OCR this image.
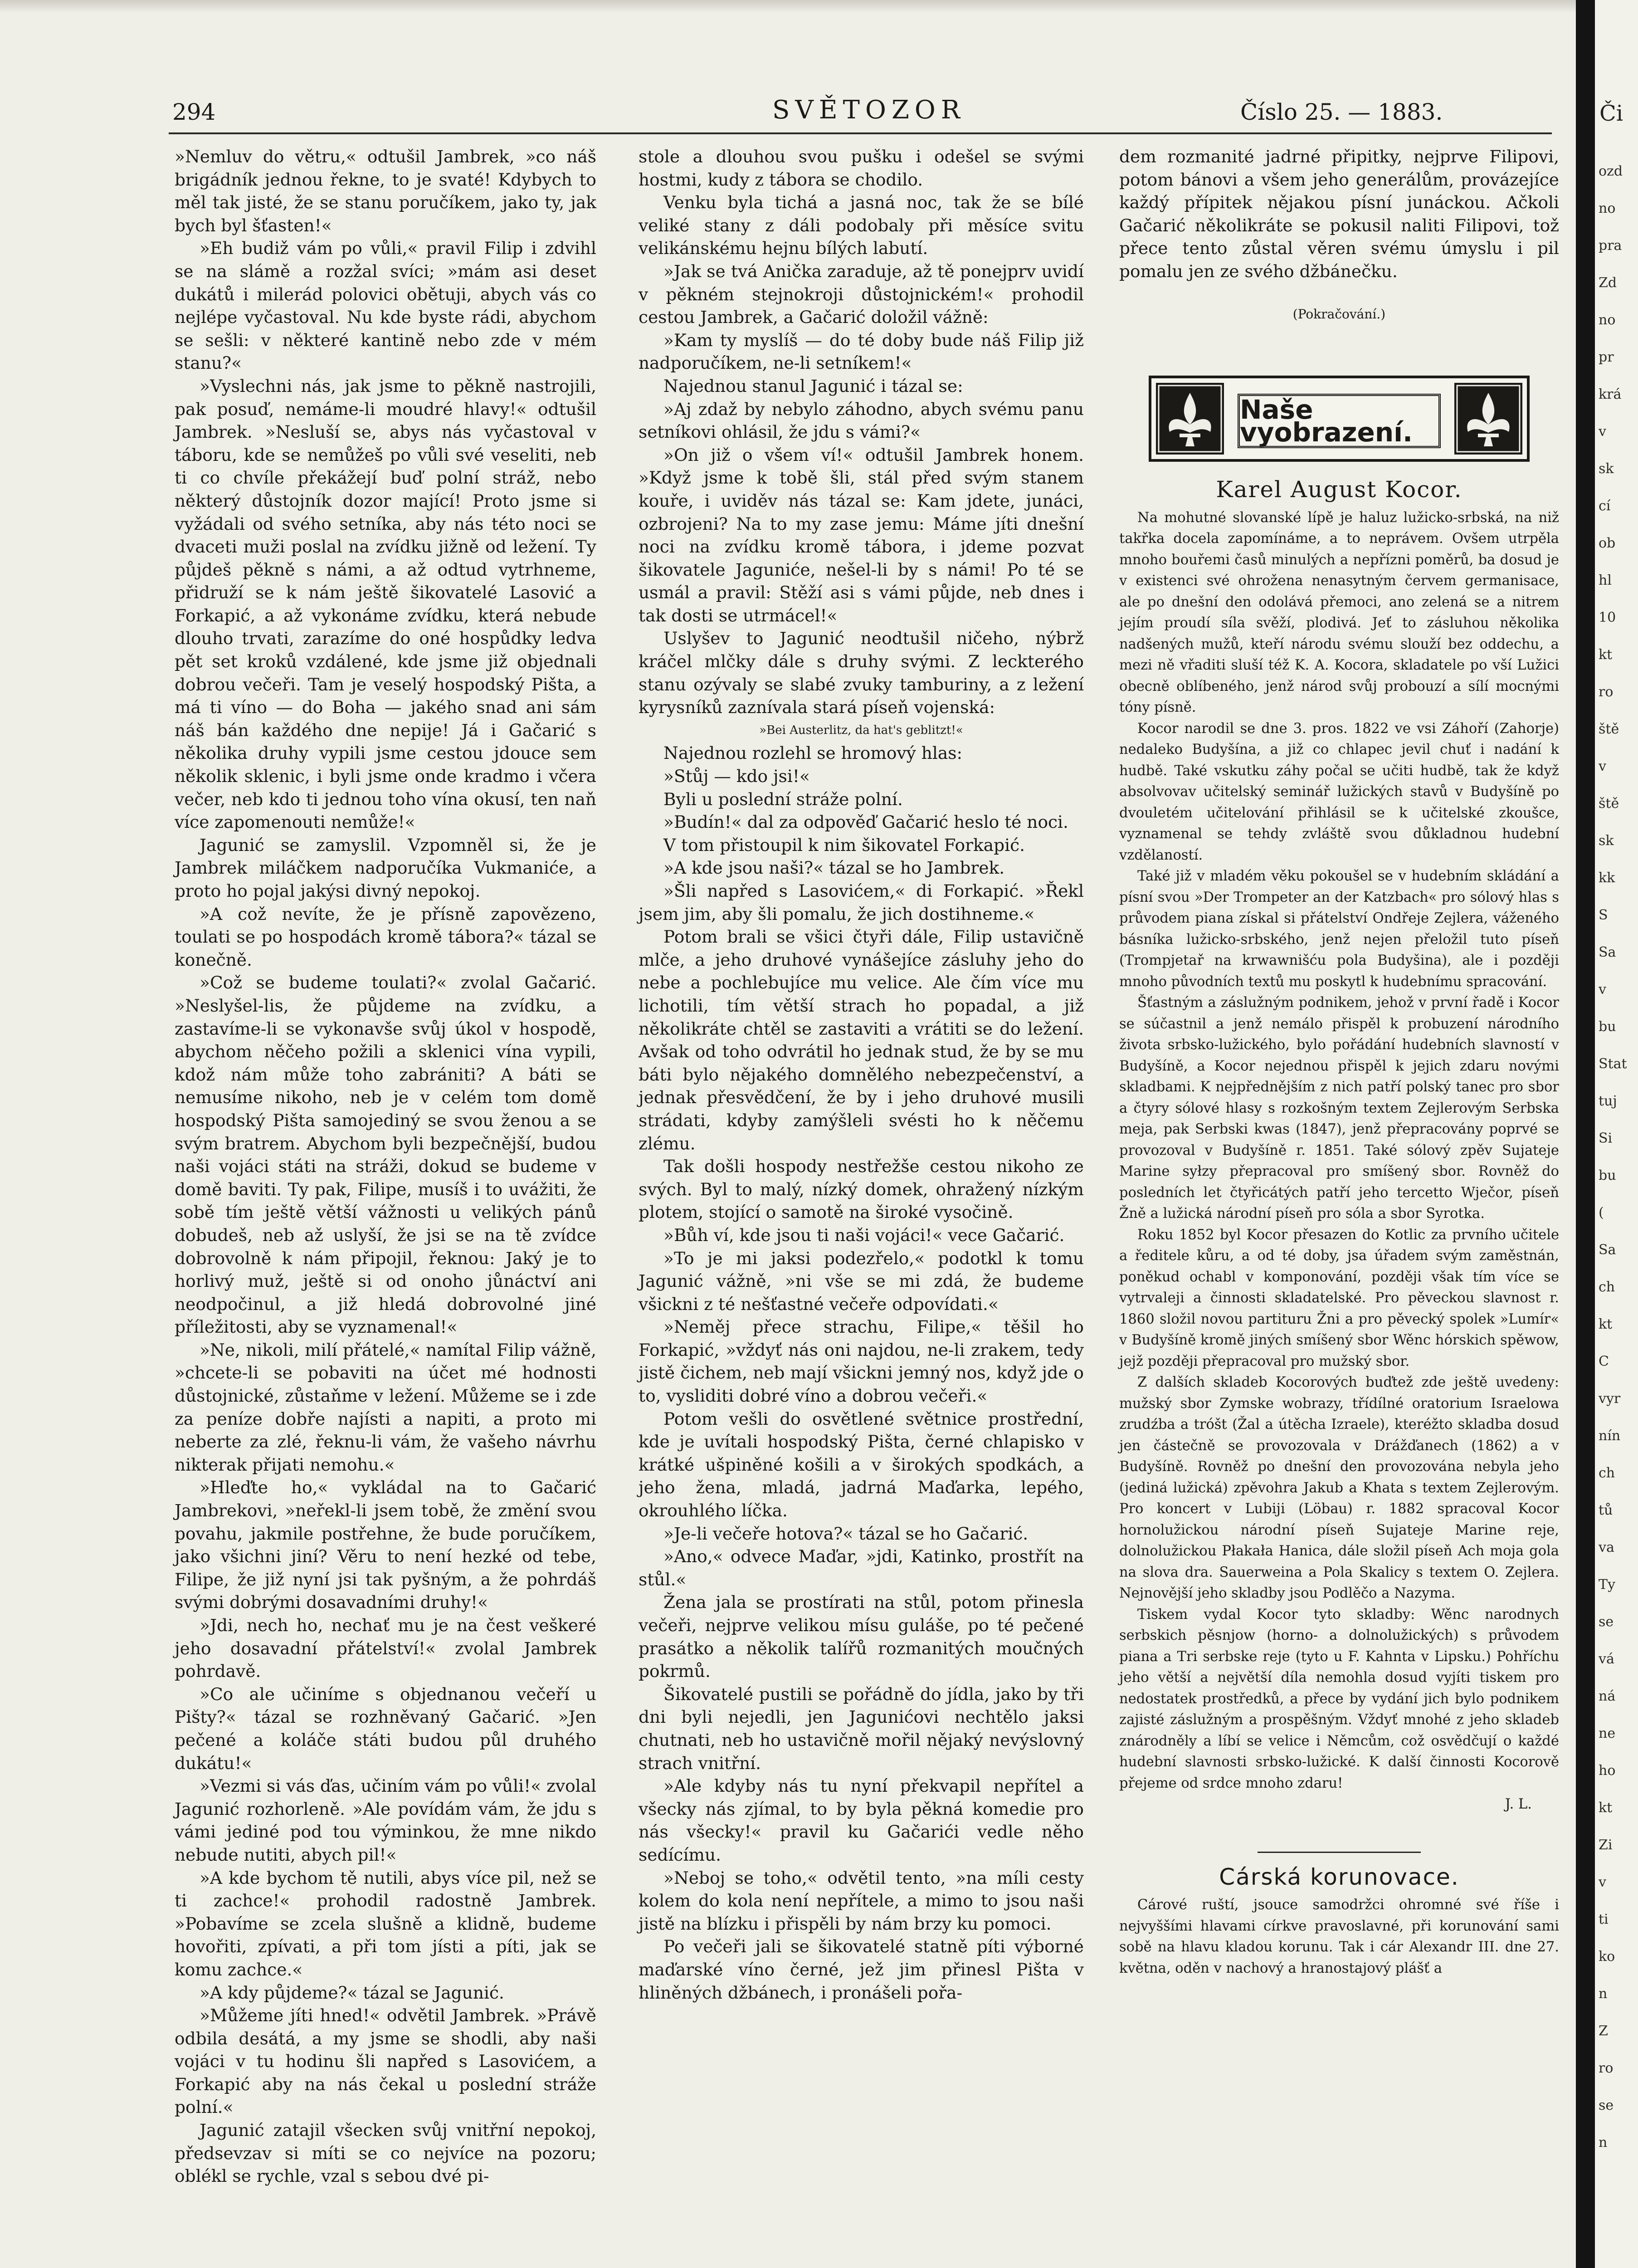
294	SVĚTOZOR	Číslo 25. — 1883.

»Nemluv do větru,« odtušil Jambrek, »co náš brigádník jednou řekne, to je svaté! Kdybych to měl tak jisté, že se stanu poručíkem, jako ty, jak bych byl šťasten!«

»Eh budiž vám po vůli,« pravil Filip i zdvihl se na slámě a rozžal svíci; »mám asi deset dukátů i milerád polovici obětuji, abych vás co nejlépe vyčastoval. Nu kde byste rádi, abychom se sešli: v některé kantině nebo zde v mém stanu?«

»Vyslechni nás, jak jsme to pěkně nastrojili, pak posuď, nemáme-li moudré hlavy!« odtušil Jambrek. »Nesluší se, abys nás vyčastoval v táboru, kde se nemůžeš po vůli své veseliti, neb ti co chvíle překážejí buď polní stráž, nebo některý důstojník dozor mající! Proto jsme si vyžádali od svého setníka, aby nás této noci se dvaceti muži poslal na zvídku jižně od ležení. Ty půjdeš pěkně s námi, a až odtud vytrhneme, přidruží se k nám ještě šikovatelé Lasović a Forkapić, a až vykonáme zvídku, která nebude dlouho trvati, zarazíme do oné hospůdky ledva pět set kroků vzdálené, kde jsme již objednali dobrou večeři. Tam je veselý hospodský Pišta, a má ti víno — do Boha — jakého snad ani sám náš bán každého dne nepije! Já i Gačarić s několika druhy vypili jsme cestou jdouce sem několik sklenic, i byli jsme onde kradmo i včera večer, neb kdo ti jednou toho vína okusí, ten naň více zapomenouti nemůže!«

Jagunić se zamyslil. Vzpomněl si, že je Jambrek miláčkem nadporučíka Vukmaniće, a proto ho pojal jakýsi divný nepokoj.

»A což nevíte, že je přísně zapovězeno, toulati se po hospodách kromě tábora?« tázal se konečně.

»Což se budeme toulati?« zvolal Gačarić. »Neslyšel-lis, že půjdeme na zvídku, a zastavíme-li se vykonavše svůj úkol v hospodě, abychom něčeho požili a sklenici vína vypili, kdož nám může toho zabrániti? A báti se nemusíme nikoho, neb je v celém tom domě hospodský Pišta samojediný se svou ženou a se svým bratrem. Abychom byli bezpečnější, budou naši vojáci státi na stráži, dokud se budeme v domě baviti. Ty pak, Filipe, musíš i to uvážiti, že sobě tím ještě větší vážnosti u velikých pánů dobudeš, neb až uslyší, že jsi se na tě zvídce dobrovolně k nám připojil, řeknou: Jaký je to horlivý muž, ještě si od onoho jůnáctví ani neodpočinul, a již hledá dobrovolné jiné příležitosti, aby se vyznamenal!«

»Ne, nikoli, milí přátelé,« namítal Filip vážně, »chcete-li se pobaviti na účet mé hodnosti důstojnické, zůstaňme v ležení. Můžeme se i zde za peníze dobře najísti a napiti, a proto mi neberte za zlé, řeknu-li vám, že vašeho návrhu nikterak přijati nemohu.«

»Hleďte ho,« vykládal na to Gačarić Jambrekovi, »neřekl-li jsem tobě, že změní svou povahu, jakmile postřehne, že bude poručíkem, jako všichni jiní? Věru to není hezké od tebe, Filipe, že již nyní jsi tak pyšným, a že pohrdáš svými dobrými dosavadními druhy!«

»Jdi, nech ho, nechať mu je na čest veškeré jeho dosavadní přátelství!« zvolal Jambrek pohrdavě.

»Co ale učiníme s objednanou večeří u Pišty?« tázal se rozhněvaný Gačarić. »Jen pečené a koláče státi budou půl druhého dukátu!«

»Vezmi si vás ďas, učiním vám po vůli!« zvolal Jagunić rozhorleně. »Ale povídám vám, že jdu s vámi jediné pod tou výminkou, že mne nikdo nebude nutiti, abych pil!«

»A kde bychom tě nutili, abys více pil, než se ti zachce!« prohodil radostně Jambrek. »Pobavíme se zcela slušně a klidně, budeme hovořiti, zpívati, a při tom jísti a píti, jak se komu zachce.«

»A kdy půjdeme?« tázal se Jagunić.

»Můžeme jíti hned!« odvětil Jambrek. »Právě odbila desátá, a my jsme se shodli, aby naši vojáci v tu hodinu šli napřed s Lasovićem, a Forkapić aby na nás čekal u poslední stráže polní.«

Jagunić zatajil všecken svůj vnitřní nepokoj, předsevzav si míti se co nejvíce na pozoru; oblékl se rychle, vzal s sebou dvé pi-

stole a dlouhou svou pušku i odešel se svými hostmi, kudy z tábora se chodilo.

Venku byla tichá a jasná noc, tak že se bílé veliké stany z dáli podobaly při měsíce svitu velikánskému hejnu bílých labutí.

»Jak se tvá Anička zaraduje, až tě ponejprv uvidí v pěkném stejnokroji důstojnickém!« prohodil cestou Jambrek, a Gačarić doložil vážně:

»Kam ty myslíš — do té doby bude náš Filip již nadporučíkem, ne-li setníkem!«

Najednou stanul Jagunić i tázal se:

»Aj zdaž by nebylo záhodno, abych svému panu setníkovi ohlásil, že jdu s vámi?«

»On již o všem ví!« odtušil Jambrek honem. »Když jsme k tobě šli, stál před svým stanem kouře, i uviděv nás tázal se: Kam jdete, junáci, ozbrojeni? Na to my zase jemu: Máme jíti dnešní noci na zvídku kromě tábora, i jdeme pozvat šikovatele Jaguniće, nešel-li by s námi! Po té se usmál a pravil: Stěží asi s vámi půjde, neb dnes i tak dosti se utrmácel!«

Uslyšev to Jagunić neodtušil ničeho, nýbrž kráčel mlčky dále s druhy svými. Z leckterého stanu ozývaly se slabé zvuky tamburiny, a z ležení kyrysníků zaznívala stará píseň vojenská:

»Bei Austerlitz, da hat's geblitzt!«

Najednou rozlehl se hromový hlas:

»Stůj — kdo jsi!«

Byli u poslední stráže polní.

»Budín!« dal za odpověď Gačarić heslo té noci.

V tom přistoupil k nim šikovatel Forkapić.

»A kde jsou naši?« tázal se ho Jambrek.

»Šli napřed s Lasovićem,« di Forkapić. »Řekl jsem jim, aby šli pomalu, že jich dostihneme.«

Potom brali se všici čtyři dále, Filip ustavičně mlče, a jeho druhové vynášejíce zásluhy jeho do nebe a pochlebujíce mu velice. Ale čím více mu lichotili, tím větší strach ho popadal, a již několikráte chtěl se zastaviti a vrátiti se do ležení. Avšak od toho odvrátil ho jednak stud, že by se mu báti bylo nějakého domnělého nebezpečenství, a jednak přesvědčení, že by i jeho druhové musili strádati, kdyby zamýšleli svésti ho k něčemu zlému.

Tak došli hospody nestřežše cestou nikoho ze svých. Byl to malý, nízký domek, ohražený nízkým plotem, stojící o samotě na široké vysočině.

»Bůh ví, kde jsou ti naši vojáci!« vece Gačarić.

»To je mi jaksi podezřelo,« podotkl k tomu Jagunić vážně, »ni vše se mi zdá, že budeme všickni z té nešťastné večeře odpovídati.«

»Neměj přece strachu, Filipe,« těšil ho Forkapić, »vždyť nás oni najdou, ne-li zrakem, tedy jistě čichem, neb mají všickni jemný nos, když jde o to, vysliditi dobré víno a dobrou večeři.«

Potom vešli do osvětlené světnice prostřední, kde je uvítali hospodský Pišta, černé chlapisko v krátké ušpiněné košili a v širokých spodkách, a jeho žena, mladá, jadrná Maďarka, lepého, okrouhlého líčka.

»Je-li večeře hotova?« tázal se ho Gačarić.

»Ano,« odvece Maďar, »jdi, Katinko, prostřít na stůl.«

Žena jala se prostírati na stůl, potom přinesla večeři, nejprve velikou mísu guláše, po té pečené prasátko a několik talířů rozmanitých moučných pokrmů.

Šikovatelé pustili se pořádně do jídla, jako by tři dni byli nejedli, jen Jagunićovi nechtělo jaksi chutnati, neb ho ustavičně mořil nějaký nevýslovný strach vnitřní.

»Ale kdyby nás tu nyní překvapil nepřítel a všecky nás zjímal, to by byla pěkná komedie pro nás všecky!« pravil ku Gačarići vedle něho sedícímu.

»Neboj se toho,« odvětil tento, »na míli cesty kolem do kola není nepřítele, a mimo to jsou naši jistě na blízku i přispěli by nám brzy ku pomoci.

Po večeři jali se šikovatelé statně píti výborné maďarské víno černé, jež jim přinesl Pišta v hliněných džbánech, i pronášeli pořa-

dem rozmanité jadrné připitky, nejprve Filipovi, potom bánovi a všem jeho generálům, provázejíce každý přípitek nějakou písní junáckou. Ačkoli Gačarić několikráte se pokusil naliti Filipovi, tož přece tento zůstal věren svému úmyslu i pil pomalu jen ze svého džbánečku.

(Pokračování.)

Naše vyobrazení.
Karel August Kocor.

Na mohutné slovanské lípě je haluz lužicko-srbská, na niž takřka docela zapomínáme, a to neprávem. Ovšem utrpěla mnoho bouřemi časů minulých a nepřízni poměrů, ba dosud je v existenci své ohrožena nenasytným červem germanisace, ale po dnešní den odolává přemoci, ano zelená se a nitrem jejím proudí síla svěží, plodivá. Jeť to zásluhou několika nadšených mužů, kteří národu svému slouží bez oddechu, a mezi ně vřaditi sluší též K. A. Kocora, skladatele po vší Lužici obecně oblíbeného, jenž národ svůj probouzí a sílí mocnými tóny písně.

Kocor narodil se dne 3. pros. 1822 ve vsi Záhoří (Zahorje) nedaleko Budyšína, a již co chlapec jevil chuť i nadání k hudbě. Také vskutku záhy počal se učiti hudbě, tak že když absolvovav učitelský seminář lužických stavů v Budyšíně po dvouletém učitelování přihlásil se k učitelské zkoušce, vyznamenal se tehdy zvláště svou důkladnou hudební vzdělaností.

Také již v mladém věku pokoušel se v hudebním skládání a písní svou »Der Trompeter an der Katzbach« pro sólový hlas s průvodem piana získal si přátelství Ondřeje Zejlera, váženého básníka lužicko-srbského, jenž nejen přeložil tuto píseň (Trompjetař na krwawnišću pola Budyšina), ale i později mnoho původních textů mu poskytl k hudebnímu spracování.

Šťastným a záslužným podnikem, jehož v první řadě i Kocor se súčastnil a jenž nemálo přispěl k probuzení národního života srbsko-lužického, bylo pořádání hudebních slavností v Budyšíně, a Kocor nejednou přispěl k jejich zdaru novými skladbami. K nejpřednějším z nich patří polský tanec pro sbor a čtyry sólové hlasy s rozkošným textem Zejlerovým Serbska meja, pak Serbski kwas (1847), jenž přepracovány poprvé se provozoval v Budyšíně r. 1851. Také sólový zpěv Sujateje Marine syłzy přepracoval pro smíšený sbor. Rovněž do posledních let čtyřicátých patří jeho tercetto Wječor, píseň Žně a lužická národní píseň pro sóla a sbor Syrotka.

Roku 1852 byl Kocor přesazen do Kotlic za prvního učitele a ředitele kůru, a od té doby, jsa úřadem svým zaměstnán, poněkud ochabl v komponování, později však tím více se vytrvaleji a činnosti skladatelské. Pro pěveckou slavnost r. 1860 složil novou partituru Žni a pro pěvecký spolek »Lumír« v Budyšíně kromě jiných smíšený sbor Wěnc hórskich spěwow, jejž později přepracoval pro mužský sbor.

Z dalších skladeb Kocorových buďtež zde ještě uvedeny: mužský sbor Zymske wobrazy, třídílné oratorium Israelowa zrudźba a tróšt (Žal a útěcha Izraele), kteréžto skladba dosud jen částečně se provozovala v Drážďanech (1862) a v Budyšíně. Rovněž po dnešní den provozována nebyla jeho (jediná lužická) zpěvohra Jakub a Khata s textem Zejlerovým. Pro koncert v Lubiji (Löbau) r. 1882 spracoval Kocor hornolužickou národní píseň Sujateje Marine reje, dolnolužickou Płakała Hanica, dále složil píseň Ach moja gola na slova dra. Sauerweina a Pola Skalicy s textem O. Zejlera. Nejnovější jeho skladby jsou Podlěčo a Nazyma.

Tiskem vydal Kocor tyto skladby: Wěnc narodnych serbskich pěsnjow (horno- a dolnolužických) s průvodem piana a Tri serbske reje (tyto u F. Kahnta v Lipsku.) Pohříchu jeho větší a největší díla nemohla dosud vyjíti tiskem pro nedostatek prostředků, a přece by vydání jich bylo podnikem zajisté záslužným a prospěšným. Vždyť mnohé z jeho skladeb znárodněly a líbí se velice i Němcům, což osvědčují o každé hudební slavnosti srbsko-lužické. K další činnosti Kocorově přejeme od srdce mnoho zdaru!

J. L.

Cárská korunovace.

Cárové ruští, jsouce samodržci ohromné své říše i nejvyššími hlavami církve pravoslavné, při korunování sami sobě na hlavu kladou korunu. Tak i cár Alexandr III. dne 27. května, oděn v nachový a hranostajový plášť a

Či
ozd
no
pra
Zd
no
pr
krá
v
sk
cí
ob
hl
10
kt
ro
ště
v
ště
sk
kk
S
Sa
v
bu
Stat
tuj
Si
bu
(
Sa
ch
kt
C
vyr
nín
ch
tů
va
Ty
se
vá
ná
ne
ho
kt
Zi
v
ti
ko
n
Z
ro
se
n
